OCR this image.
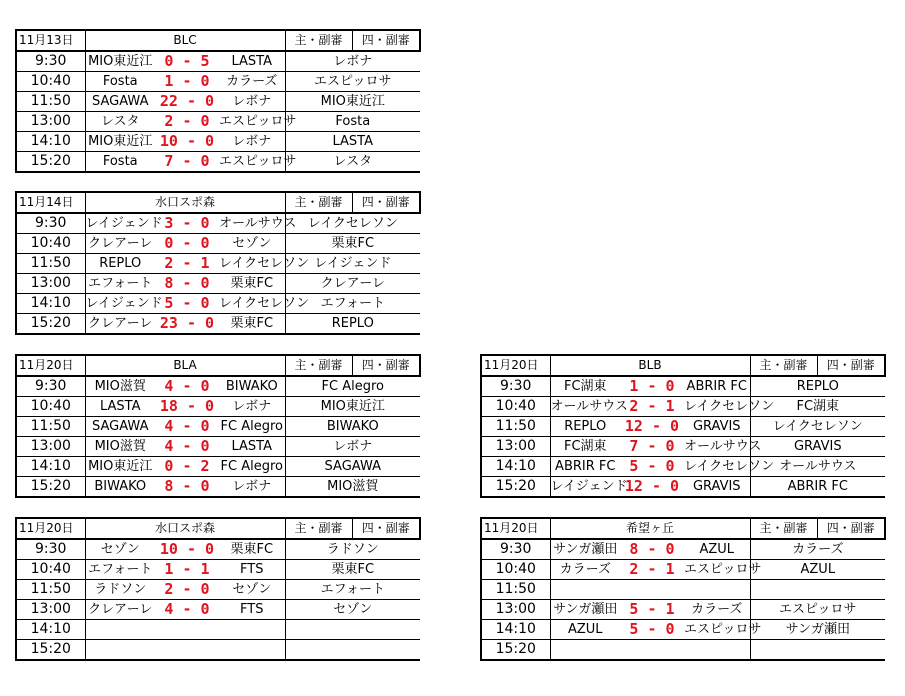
11月13日	BLC			主・副審	四・副審
9:30	MIO東近江	0 - 5	LASTA	レボナ	
10:40	Fosta	1 - 0	カラーズ	エスピッロサ	
11:50	SAGAWA	22 - 0	レボナ	MIO東近江	
13:00	レスタ	2 - 0	エスピッロサ	Fosta	
14:10	MIO東近江	10 - 0	レボナ	LASTA	
15:20	Fosta	7 - 0	エスピッロサ	レスタ	
11月14日	水口スポ森			主・副審	四・副審
9:30	レイジェンド	3 - 0	オールサウス	レイクセレソン	
10:40	クレアーレ	0 - 0	セゾン	栗東FC	
11:50	REPLO	2 - 1	レイクセレソン	レイジェンド	
13:00	エフォート	8 - 0	栗東FC	クレアーレ	
14:10	レイジェンド	5 - 0	レイクセレソン	エフォート	
15:20	クレアーレ	23 - 0	栗東FC	REPLO	
11月20日	BLA			主・副審	四・副審
9:30	MIO滋賀	4 - 0	BIWAKO	FC Alegro	
10:40	LASTA	18 - 0	レボナ	MIO東近江	
11:50	SAGAWA	4 - 0	FC Alegro	BIWAKO	
13:00	MIO滋賀	4 - 0	LASTA	レボナ	
14:10	MIO東近江	0 - 2	FC Alegro	SAGAWA	
15:20	BIWAKO	8 - 0	レボナ	MIO滋賀	
11月20日	BLB			主・副審	四・副審
9:30	FC湖東	1 - 0	ABRIR FC	REPLO	
10:40	オールサウス	2 - 1	レイクセレソン	FC湖東	
11:50	REPLO	12 - 0	GRAVIS	レイクセレソン	
13:00	FC湖東	7 - 0	オールサウス	GRAVIS	
14:10	ABRIR FC	5 - 0	レイクセレソン	オールサウス	
15:20	レイジェンド	12 - 0	GRAVIS	ABRIR FC	
11月20日	水口スポ森			主・副審	四・副審
9:30	セゾン	10 - 0	栗東FC	ラドソン	
10:40	エフォート	1 - 1	FTS	栗東FC	
11:50	ラドソン	2 - 0	セゾン	エフォート	
13:00	クレアーレ	4 - 0	FTS	セゾン	
14:10					
15:20					
11月20日	希望ヶ丘			主・副審	四・副審
9:30	サンガ瀬田	8 - 0	AZUL	カラーズ	
10:40	カラーズ	2 - 1	エスピッロサ	AZUL	
11:50					
13:00	サンガ瀬田	5 - 1	カラーズ	エスピッロサ	
14:10	AZUL	5 - 0	エスピッロサ	サンガ瀬田	
15:20					
